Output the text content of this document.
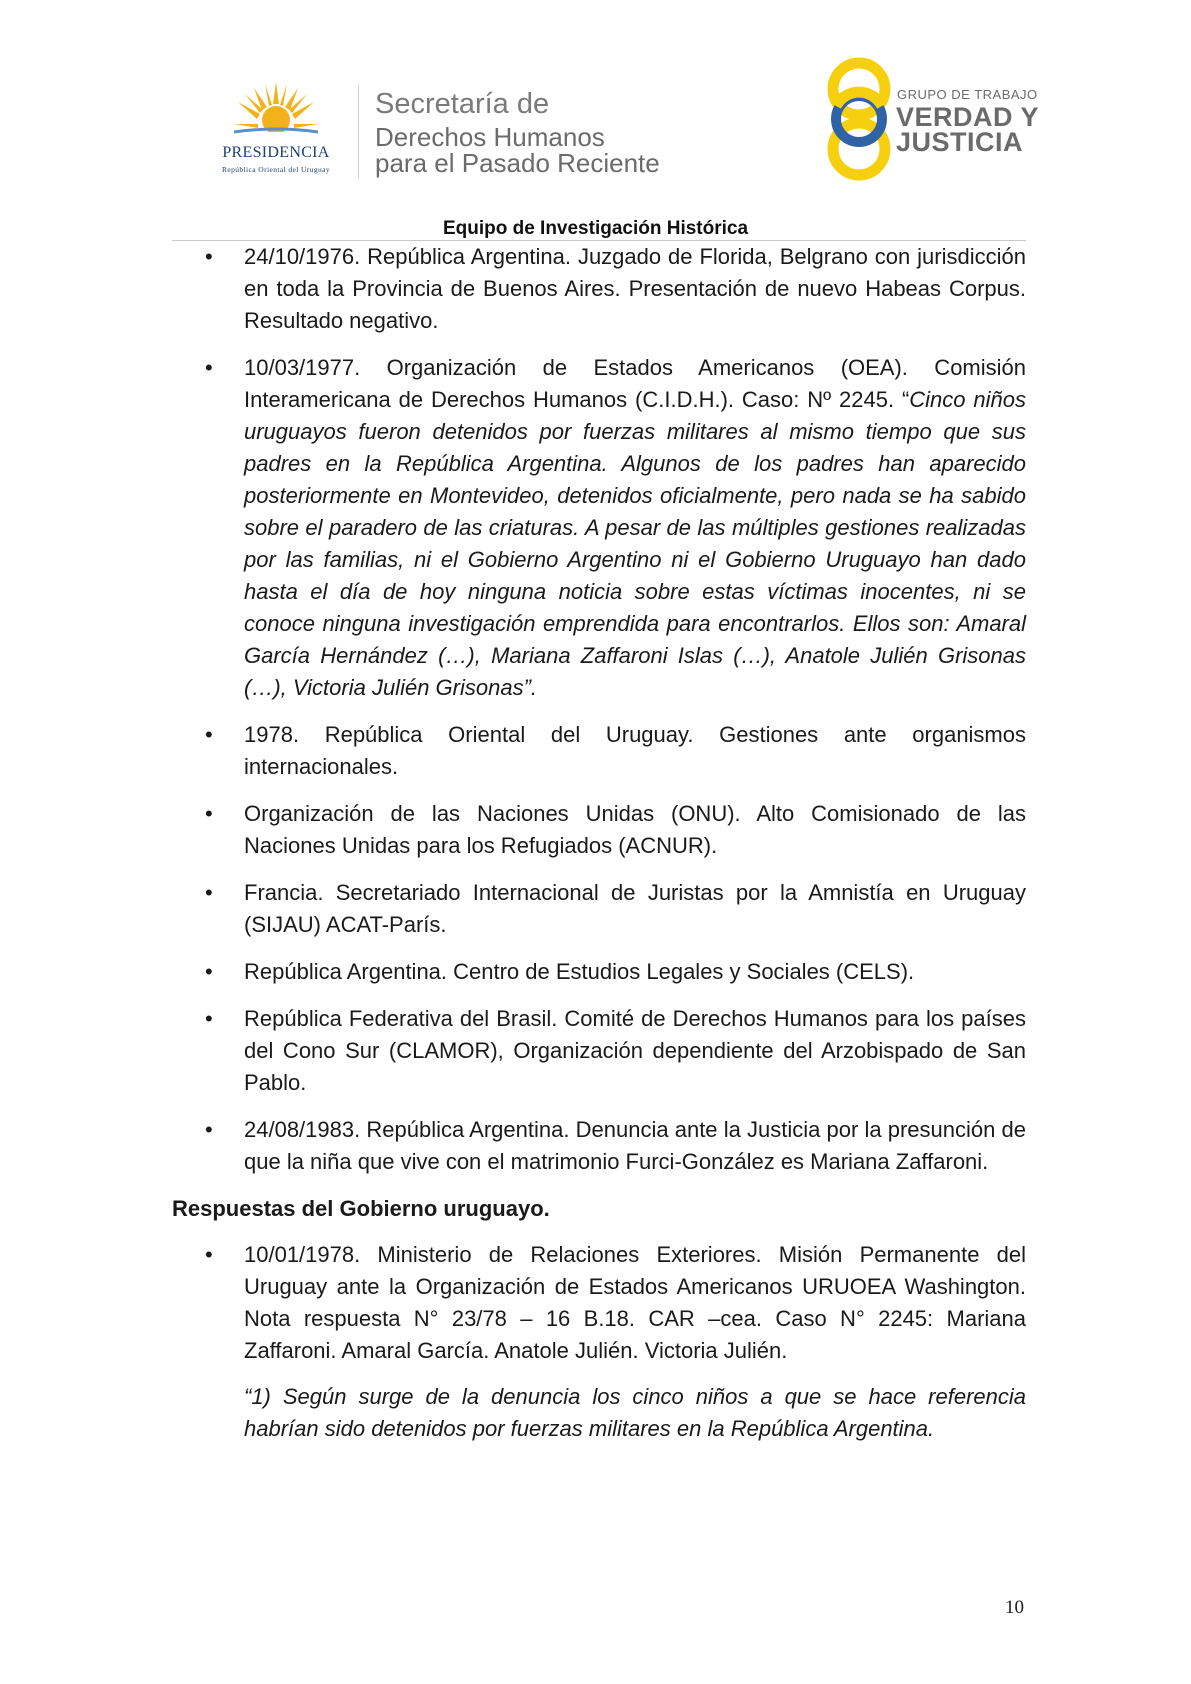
PRESIDENCIA
República Oriental del Uruguay
Secretaría de
Derechos Humanos
para el Pasado Reciente
GRUPO DE TRABAJO
VERDAD Y
JUSTICIA
Equipo de Investigación Histórica
• 24/10/1976. República Argentina. Juzgado de Florida, Belgrano con jurisdicción en toda la Provincia de Buenos Aires. Presentación de nuevo Habeas Corpus. Resultado negativo.
• 10/03/1977. Organización de Estados Americanos (OEA). Comisión Interamericana de Derechos Humanos (C.I.D.H.). Caso: Nº 2245. “Cinco niños uruguayos fueron detenidos por fuerzas militares al mismo tiempo que sus padres en la República Argentina. Algunos de los padres han aparecido posteriormente en Montevideo, detenidos oficialmente, pero nada se ha sabido sobre el paradero de las criaturas. A pesar de las múltiples gestiones realizadas por las familias, ni el Gobierno Argentino ni el Gobierno Uruguayo han dado hasta el día de hoy ninguna noticia sobre estas víctimas inocentes, ni se conoce ninguna investigación emprendida para encontrarlos. Ellos son: Amaral García Hernández (…), Mariana Zaffaroni Islas (…), Anatole Julién Grisonas (…), Victoria Julién Grisonas”.
• 1978. República Oriental del Uruguay. Gestiones ante organismos internacionales.
• Organización de las Naciones Unidas (ONU). Alto Comisionado de las Naciones Unidas para los Refugiados (ACNUR).
• Francia. Secretariado Internacional de Juristas por la Amnistía en Uruguay (SIJAU) ACAT-París.
• República Argentina. Centro de Estudios Legales y Sociales (CELS).
• República Federativa del Brasil. Comité de Derechos Humanos para los países del Cono Sur (CLAMOR), Organización dependiente del Arzobispado de San Pablo.
• 24/08/1983. República Argentina. Denuncia ante la Justicia por la presunción de que la niña que vive con el matrimonio Furci-González es Mariana Zaffaroni.
Respuestas del Gobierno uruguayo.
• 10/01/1978. Ministerio de Relaciones Exteriores. Misión Permanente del Uruguay ante la Organización de Estados Americanos URUOEA Washington. Nota respuesta N° 23/78 – 16 B.18. CAR –cea. Caso N° 2245: Mariana Zaffaroni. Amaral García. Anatole Julién. Victoria Julién.
“1) Según surge de la denuncia los cinco niños a que se hace referencia habrían sido detenidos por fuerzas militares en la República Argentina.
10
